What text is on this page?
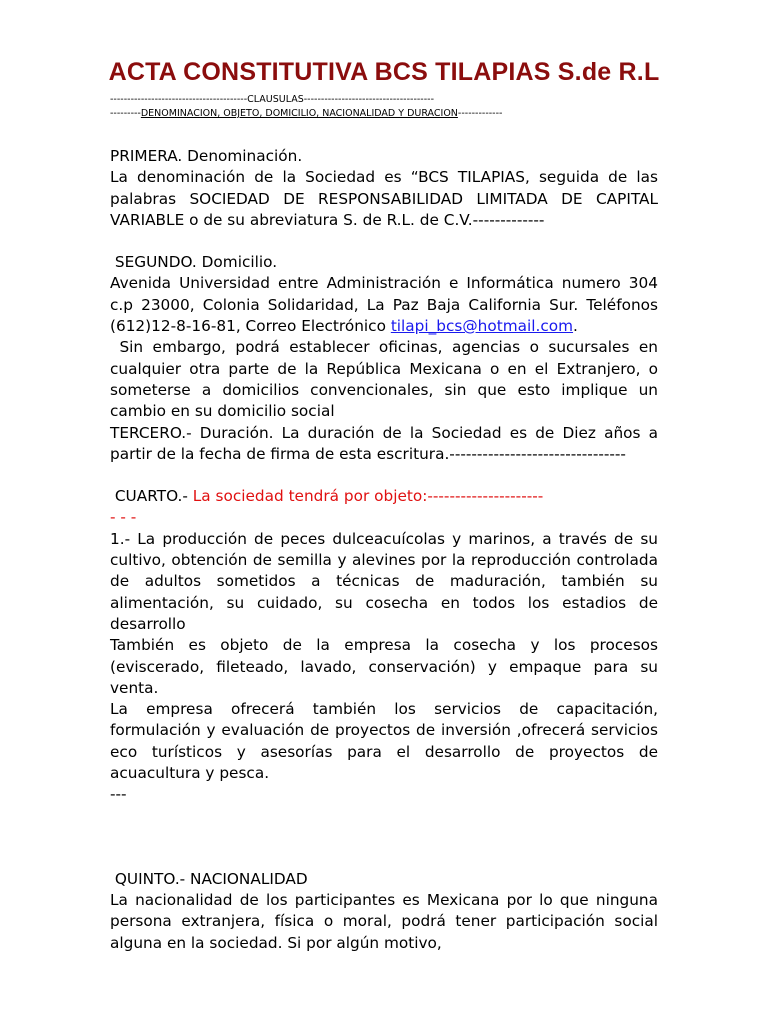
ACTA CONSTITUTIVA BCS TILAPIAS S.de R.L
----------------------------------------CLAUSULAS--------------------------------------
---------DENOMINACION, OBJETO, DOMICILIO, NACIONALIDAD Y DURACION-------------

PRIMERA. Denominación.

La denominación de la Sociedad es “BCS TILAPIAS, seguida de las palabras SOCIEDAD DE RESPONSABILIDAD LIMITADA DE CAPITAL VARIABLE o de su abreviatura S. de R.L. de C.V.-------------

SEGUNDO. Domicilio.

Avenida Universidad entre Administración e Informática numero 304 c.p 23000, Colonia Solidaridad, La Paz Baja California Sur. Teléfonos (612)12-8-16-81, Correo Electrónico tilapi_bcs@hotmail.com.

Sin embargo, podrá establecer oficinas, agencias o sucursales en cualquier otra parte de la República Mexicana o en el Extranjero, o someterse a domicilios convencionales, sin que esto implique un cambio en su domicilio social

TERCERO.- Duración. La duración de la Sociedad es de Diez años a partir de la fecha de firma de esta escritura.--------------------------------

CUARTO.- La sociedad tendrá por objeto:---------------------

- - -

1.- La producción de peces dulceacuícolas y marinos, a través de su cultivo, obtención de semilla y alevines por la reproducción controlada de adultos sometidos a técnicas de maduración, también su alimentación, su cuidado, su cosecha en todos los estadios de desarrollo

También es objeto de la empresa la cosecha y los procesos (eviscerado, fileteado, lavado, conservación) y empaque para su venta.

La empresa ofrecerá también los servicios de capacitación, formulación y evaluación de proyectos de inversión ,ofrecerá servicios eco turísticos y asesorías para el desarrollo de proyectos de acuacultura y pesca.

---

QUINTO.- NACIONALIDAD

La nacionalidad de los participantes es Mexicana por lo que ninguna persona extranjera, física o moral, podrá tener participación social alguna en la sociedad. Si por algún motivo,
